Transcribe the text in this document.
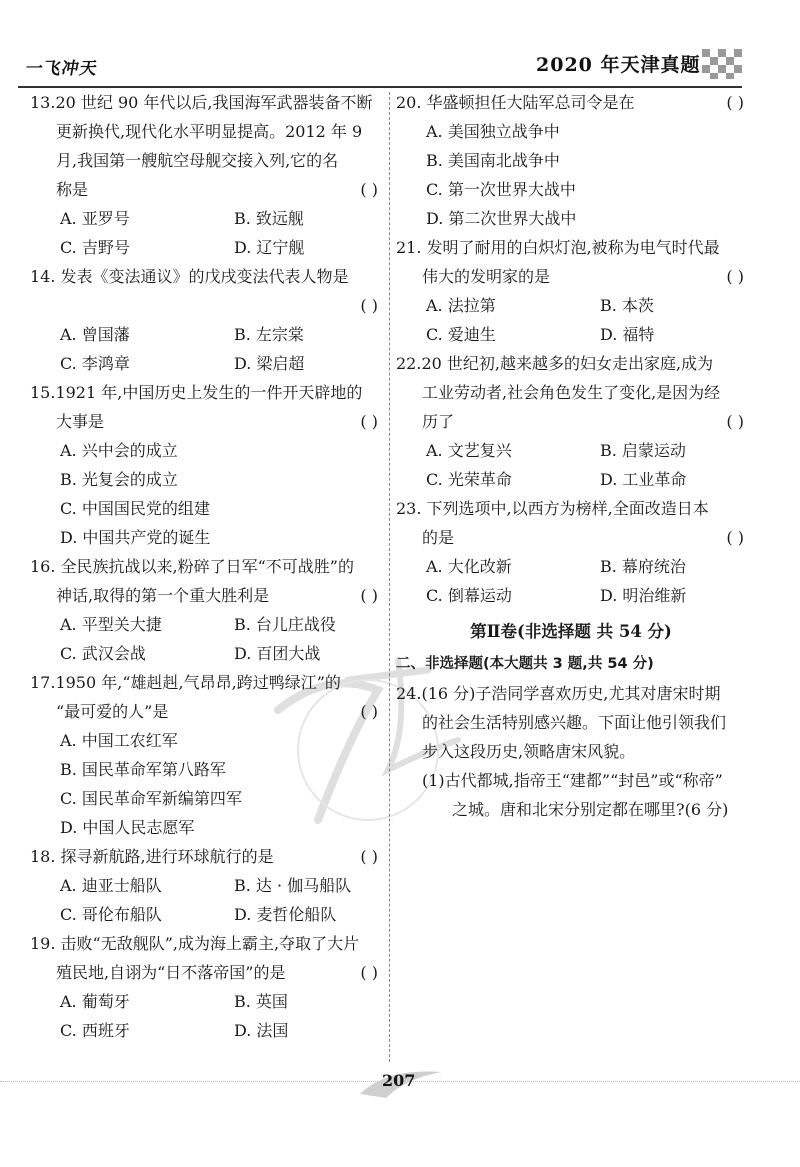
一飞冲天	2020 年天津真题
13.20 世纪 90 年代以后,我国海军武器装备不断
更新换代,现代化水平明显提高。2012 年 9
月,我国第一艘航空母舰交接入列,它的名
称是	( )
A. 亚罗号	B. 致远舰
C. 吉野号	D. 辽宁舰
14. 发表《变法通议》的戊戌变法代表人物是
( )
A. 曾国藩	B. 左宗棠
C. 李鸿章	D. 梁启超
15.1921 年,中国历史上发生的一件开天辟地的
大事是	( )
A. 兴中会的成立
B. 光复会的成立
C. 中国国民党的组建
D. 中国共产党的诞生
16. 全民族抗战以来,粉碎了日军“不可战胜”的
神话,取得的第一个重大胜利是	( )
A. 平型关大捷	B. 台儿庄战役
C. 武汉会战	D. 百团大战
17.1950 年,“雄赳赳,气昂昂,跨过鸭绿江”的
“最可爱的人”是	( )
A. 中国工农红军
B. 国民革命军第八路军
C. 国民革命军新编第四军
D. 中国人民志愿军
18. 探寻新航路,进行环球航行的是	( )
A. 迪亚士船队	B. 达 · 伽马船队
C. 哥伦布船队	D. 麦哲伦船队
19. 击败“无敌舰队”,成为海上霸主,夺取了大片
殖民地,自诩为“日不落帝国”的是	( )
A. 葡萄牙	B. 英国
C. 西班牙	D. 法国
20. 华盛顿担任大陆军总司令是在	( )
A. 美国独立战争中
B. 美国南北战争中
C. 第一次世界大战中
D. 第二次世界大战中
21. 发明了耐用的白炽灯泡,被称为电气时代最
伟大的发明家的是	( )
A. 法拉第	B. 本茨
C. 爱迪生	D. 福特
22.20 世纪初,越来越多的妇女走出家庭,成为
工业劳动者,社会角色发生了变化,是因为经
历了	( )
A. 文艺复兴	B. 启蒙运动
C. 光荣革命	D. 工业革命
23. 下列选项中,以西方为榜样,全面改造日本
的是	( )
A. 大化改新	B. 幕府统治
C. 倒幕运动	D. 明治维新
第Ⅱ卷(非选择题 共 54 分)
二、非选择题(本大题共 3 题,共 54 分)
24.(16 分)子浩同学喜欢历史,尤其对唐宋时期
的社会生活特别感兴趣。下面让他引领我们
步入这段历史,领略唐宋风貌。
(1)古代都城,指帝王“建都”“封邑”或“称帝”
之城。唐和北宋分别定都在哪里?(6 分)
207
